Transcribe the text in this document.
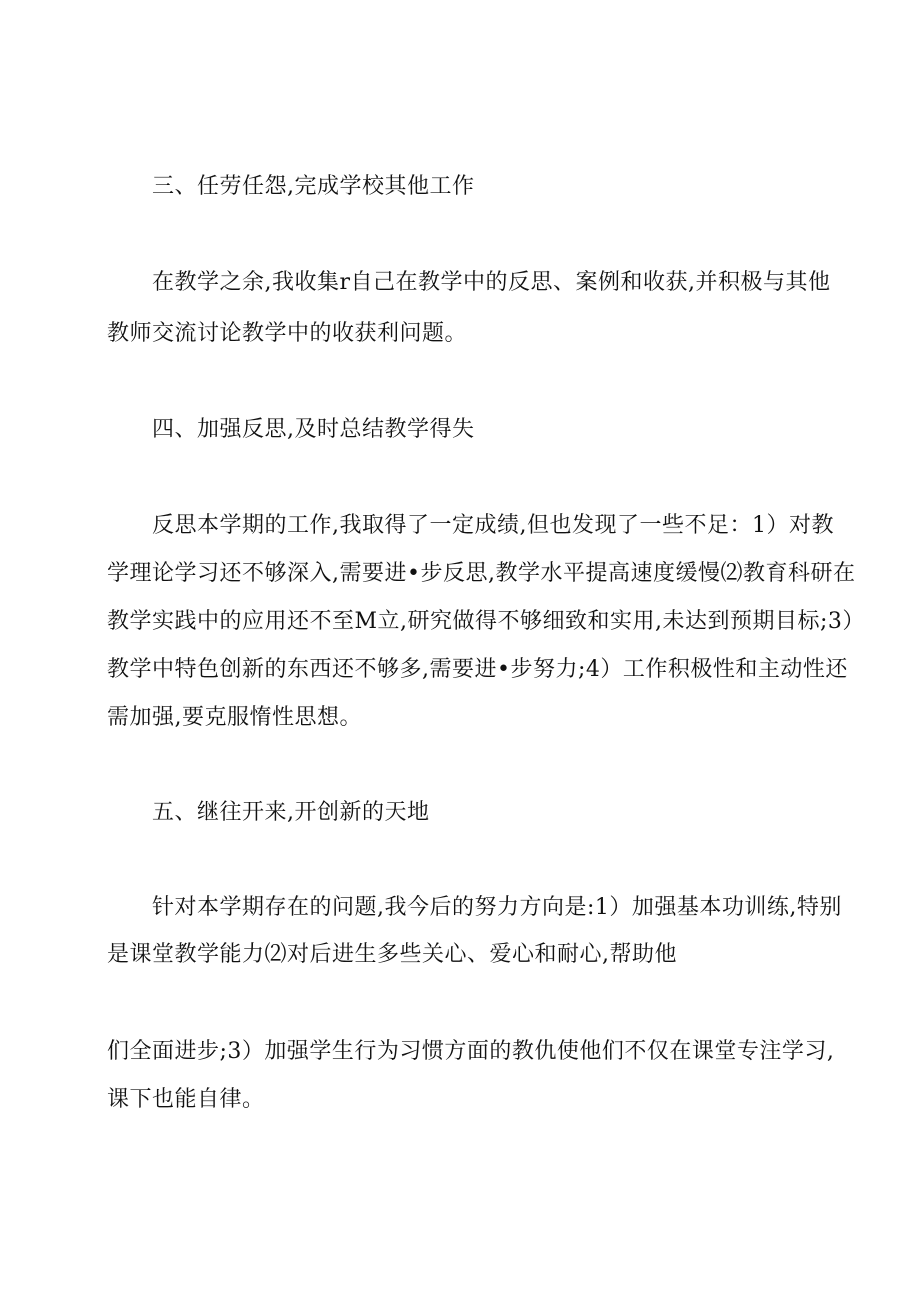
三、任劳任怨,完成学校其他工作

在教学之余,我收集r自己在教学中的反思、案例和收获,并积极与其他

教师交流讨论教学中的收获利问题。

四、加强反思,及时总结教学得失

反思本学期的工作,我取得了一定成绩,但也发现了一些不足：1）对教

学理论学习还不够深入,需要进•步反思,教学水平提高速度缓慢⑵教育科研在

教学实践中的应用还不至M立,研究做得不够细致和实用,未达到预期目标;3）

教学中特色创新的东西还不够多,需要进•步努力;4）工作积极性和主动性还

需加强,要克服惰性思想。

五、继往开来,开创新的天地

针对本学期存在的问题,我今后的努力方向是:1）加强基本功训练,特别

是课堂教学能力⑵对后进生多些关心、爱心和耐心,帮助他

们全面进步;3）加强学生行为习惯方面的教仇使他们不仅在课堂专注学习,

课下也能自律。
